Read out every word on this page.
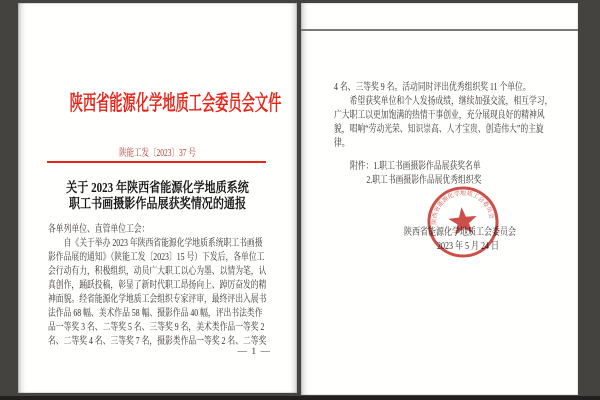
陕西省能源化学地质工会委员会文件
陕能工发〔2023〕37 号
关于 2023 年陕西省能源化学地质系统
职工书画摄影作品展获奖情况的通报
各单列单位、直管单位工会：
自《关于举办 2023 年陕西省能源化学地质系统职工书画摄
影作品展的通知》（陕能工发〔2023〕15 号）下发后，各单位工
会行动有力，积极组织，动员广大职工以心为墨、以情为笔，认
真创作，踊跃投稿，彰显了新时代职工昂扬向上、踔厉奋发的精
神面貌。经省能源化学地质工会组织专家评审，最终评出入展书
法作品 68 幅、美术作品 58 幅、摄影作品 40 幅，评出书法类作
品一等奖 3 名、二等奖 5 名、三等奖 9 名，美术类作品一等奖 2
名、二等奖 4 名、三等奖 7 名，摄影类作品一等奖 2 名、二等奖
— 1 —
4 名、三等奖 9 名。活动同时评出优秀组织奖 11 个单位。
希望获奖单位和个人发扬成绩，继续加强交流，相互学习，
广大职工以更加饱满的热情干事创业，充分展现良好的精神风
貌，唱响“劳动光荣、知识崇高、人才宝贵、创造伟大”的主旋
律。
附件：1.职工书画摄影作品展获奖名单
2.职工书画摄影作品展优秀组织奖
陕西省能源化学地质工会委员会
2023 年 5 月 24 日
陕西省能源化学地质工会委员会
